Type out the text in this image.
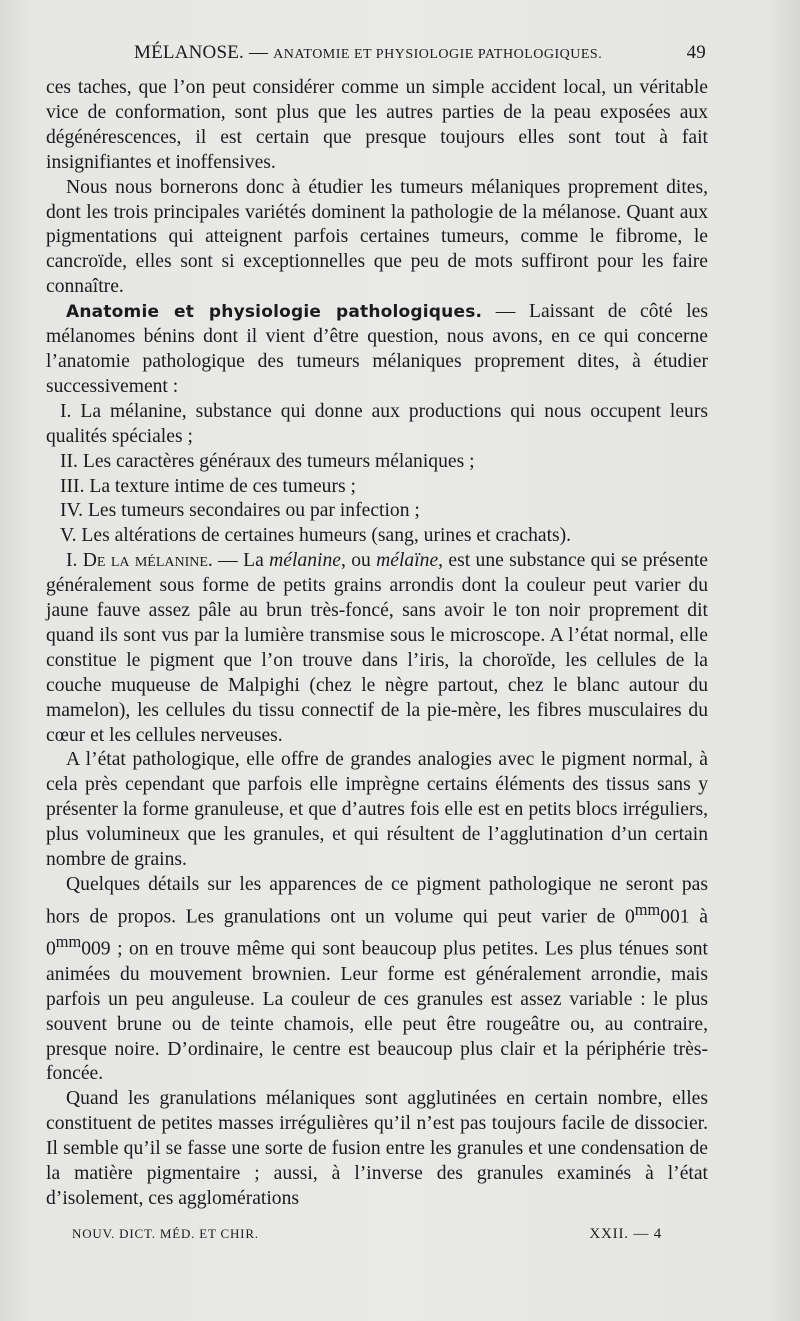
MÉLANOSE. — ANATOMIE ET PHYSIOLOGIE PATHOLOGIQUES.	49

ces taches, que l’on peut considérer comme un simple accident local, un véritable vice de conformation, sont plus que les autres parties de la peau exposées aux dégénérescences, il est certain que presque toujours elles sont tout à fait insignifiantes et inoffensives.

Nous nous bornerons donc à étudier les tumeurs mélaniques proprement dites, dont les trois principales variétés dominent la pathologie de la mélanose. Quant aux pigmentations qui atteignent parfois certaines tumeurs, comme le fibrome, le cancroïde, elles sont si exceptionnelles que peu de mots suffiront pour les faire connaître.

Anatomie et physiologie pathologiques. — Laissant de côté les mélanomes bénins dont il vient d’être question, nous avons, en ce qui concerne l’anatomie pathologique des tumeurs mélaniques proprement dites, à étudier successivement :

I. La mélanine, substance qui donne aux productions qui nous occupent leurs qualités spéciales ;

II. Les caractères généraux des tumeurs mélaniques ;

III. La texture intime de ces tumeurs ;

IV. Les tumeurs secondaires ou par infection ;

V. Les altérations de certaines humeurs (sang, urines et crachats).

I. De la mélanine. — La mélanine, ou mélaïne, est une substance qui se présente généralement sous forme de petits grains arrondis dont la couleur peut varier du jaune fauve assez pâle au brun très-foncé, sans avoir le ton noir proprement dit quand ils sont vus par la lumière transmise sous le microscope. A l’état normal, elle constitue le pigment que l’on trouve dans l’iris, la choroïde, les cellules de la couche muqueuse de Malpighi (chez le nègre partout, chez le blanc autour du mamelon), les cellules du tissu connectif de la pie-mère, les fibres musculaires du cœur et les cellules nerveuses.

A l’état pathologique, elle offre de grandes analogies avec le pigment normal, à cela près cependant que parfois elle imprègne certains éléments des tissus sans y présenter la forme granuleuse, et que d’autres fois elle est en petits blocs irréguliers, plus volumineux que les granules, et qui résultent de l’agglutination d’un certain nombre de grains.

Quelques détails sur les apparences de ce pigment pathologique ne seront pas hors de propos. Les granulations ont un volume qui peut varier de $0^{mm}001$ à $0^{mm}009$ ; on en trouve même qui sont beaucoup plus petites. Les plus ténues sont animées du mouvement brownien. Leur forme est généralement arrondie, mais parfois un peu anguleuse. La couleur de ces granules est assez variable : le plus souvent brune ou de teinte chamois, elle peut être rougeâtre ou, au contraire, presque noire. D’ordinaire, le centre est beaucoup plus clair et la périphérie très-foncée.

Quand les granulations mélaniques sont agglutinées en certain nombre, elles constituent de petites masses irrégulières qu’il n’est pas toujours facile de dissocier. Il semble qu’il se fasse une sorte de fusion entre les granules et une condensation de la matière pigmentaire ; aussi, à l’inverse des granules examinés à l’état d’isolement, ces agglomérations

NOUV. DICT. MÉD. ET CHIR.	XXII. — 4
